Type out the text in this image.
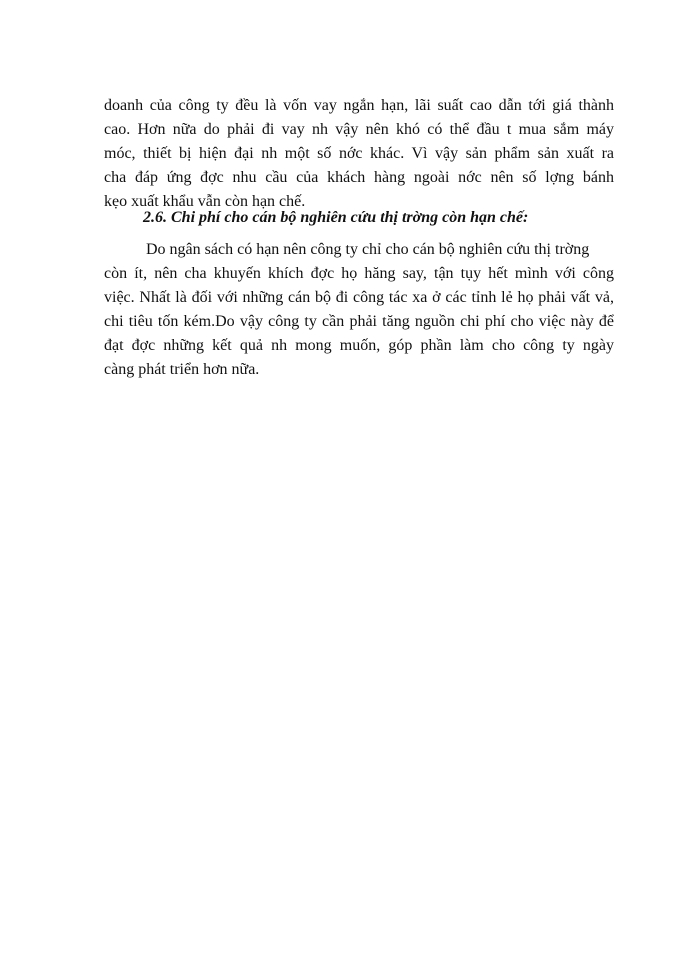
doanh của công ty đều là vốn vay ngắn hạn, lãi suất cao dẫn tới giá thành
cao. Hơn nữa do phải đi vay nh vậy nên khó có thể đầu t mua sắm máy
móc, thiết bị hiện đại nh một số nớc khác. Vì vậy sản phẩm sản xuất ra
cha đáp ứng đợc nhu cầu của khách hàng ngoài nớc nên số lợng bánh
kẹo xuất khẩu vẫn còn hạn chế.
2.6. Chi phí cho cán bộ nghiên cứu thị trờng còn hạn chế:
Do ngân sách có hạn nên công ty chỉ cho cán bộ nghiên cứu thị trờng
còn ít, nên cha khuyến khích đợc họ hăng say, tận tụy hết mình với công
việc. Nhất là đối với những cán bộ đi công tác xa ở các tỉnh lẻ họ phải vất vả,
chi tiêu tốn kém.Do vậy công ty cần phải tăng nguồn chi phí cho việc này để
đạt đợc những kết quả nh mong muốn, góp phần làm cho công ty ngày
càng phát triển hơn nữa.
